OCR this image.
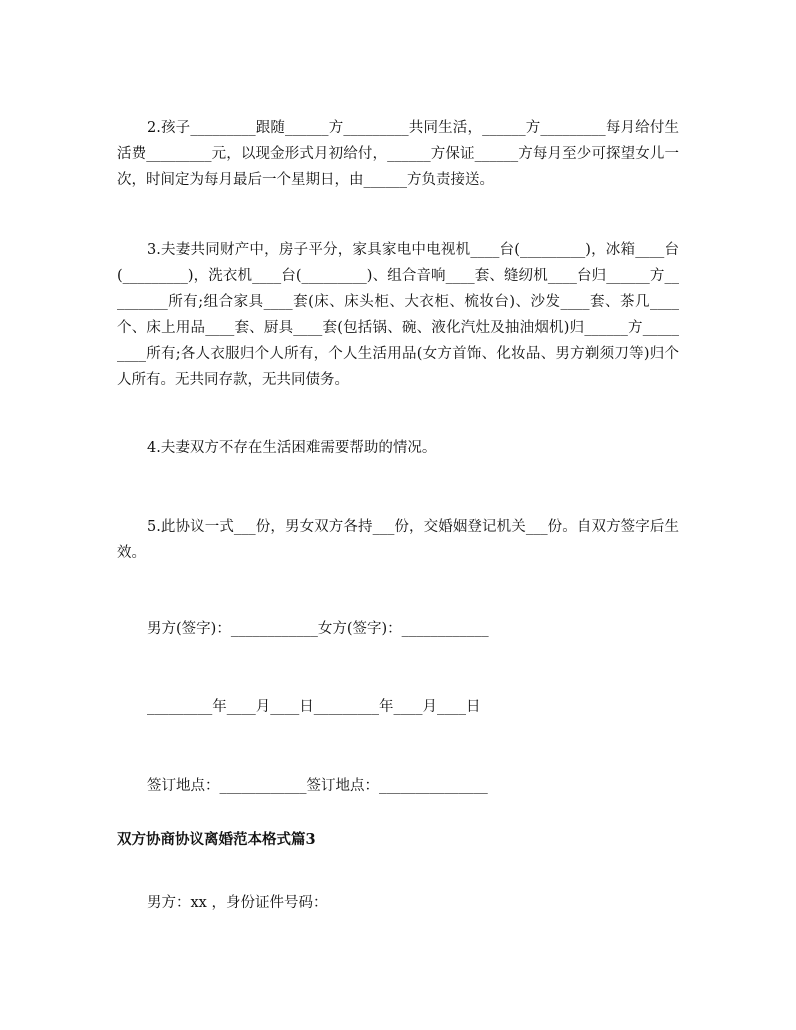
2.孩子_________跟随______方_________共同生活，______方_________每月给付生活费_________元，以现金形式月初给付，______方保证______方每月至少可探望女儿一次，时间定为每月最后一个星期日，由______方负责接送。
3.夫妻共同财产中，房子平分，家具家电中电视机____台(_________)，冰箱____台(_________)，洗衣机____台(_________)、组合音响____套、缝纫机____台归______方_________所有;组合家具____套(床、床头柜、大衣柜、梳妆台)、沙发____套、茶几____个、床上用品____套、厨具____套(包括锅、碗、液化汽灶及抽油烟机)归______方_________所有;各人衣服归个人所有，个人生活用品(女方首饰、化妆品、男方剃须刀等)归个人所有。无共同存款，无共同债务。
4.夫妻双方不存在生活困难需要帮助的情况。
5.此协议一式___份，男女双方各持___份，交婚姻登记机关___份。自双方签字后生效。
男方(签字)：____________女方(签字)：____________
_________年____月____日_________年____月____日
签订地点：____________签订地点：_______________
双方协商协议离婚范本格式篇3
男方：xx ，身份证件号码：
